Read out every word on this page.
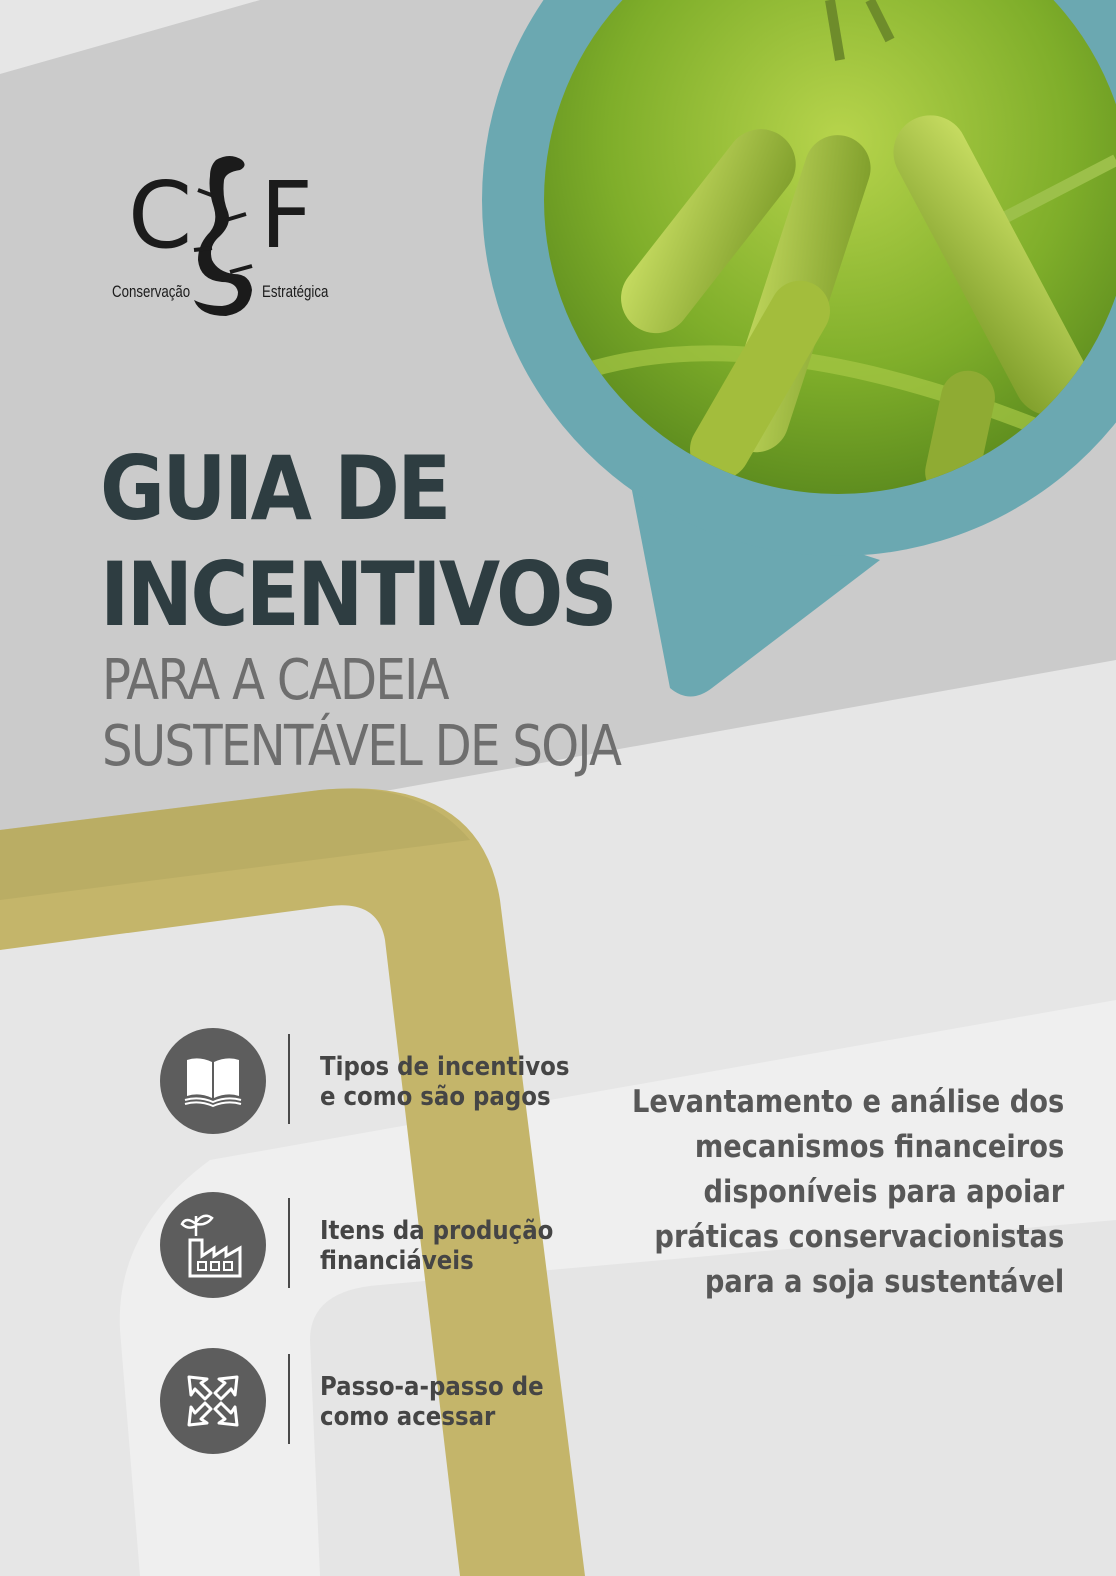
C F
Conservação	Estratégica
GUIA DE
INCENTIVOS
PARA A CADEIA
SUSTENTÁVEL DE SOJA

Tipos de incentivos
e como são pagos

Itens da produção
financiáveis

Passo-a-passo de
como acessar

Levantamento e análise dos
mecanismos financeiros
disponíveis para apoiar
práticas conservacionistas
para a soja sustentável
